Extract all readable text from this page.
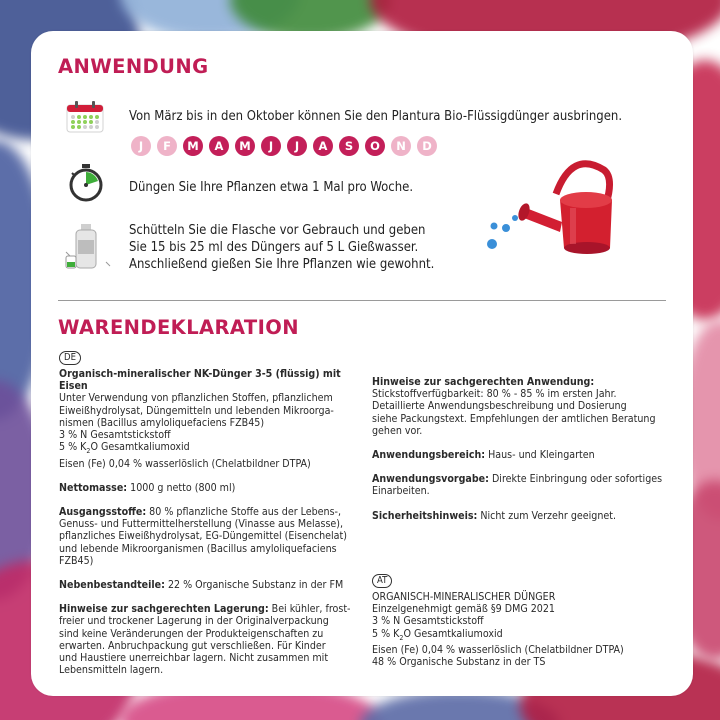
ANWENDUNG
Von März bis in den Oktober können Sie den Plantura Bio-Flüssigdünger ausbringen.
J	F	M	A	M	J	J	A	S	O	N	D
Düngen Sie Ihre Pflanzen etwa 1 Mal pro Woche.
Schütteln Sie die Flasche vor Gebrauch und geben
Sie 15 bis 25 ml des Düngers auf 5 L Gießwasser.
Anschließend gießen Sie Ihre Pflanzen wie gewohnt.
WARENDEKLARATION
DE

Organisch-mineralischer NK-Dünger 3-5 (flüssig) mit Eisen

Unter Verwendung von pflanzlichen Stoffen, pflanzlichem

Eiweißhydrolysat, Düngemitteln und lebenden Mikroorga-

nismen (Bacillus amyloliquefaciens FZB45)

3 % N Gesamtstickstoff

5 % $K_2O$ Gesamtkaliumoxid

Eisen (Fe) 0,04 % wasserlöslich (Chelatbildner DTPA)

Nettomasse: 1000 g netto (800 ml)

Ausgangsstoffe: 80 % pflanzliche Stoffe aus der Lebens-,

Genuss- und Futtermittelherstellung (Vinasse aus Melasse),

pflanzliches Eiweißhydrolysat, EG-Düngemittel (Eisenchelat)

und lebende Mikroorganismen (Bacillus amyloliquefaciens

FZB45)

Nebenbestandteile: 22 % Organische Substanz in der FM

Hinweise zur sachgerechten Lagerung: Bei kühler, frost-

freier und trockener Lagerung in der Originalverpackung

sind keine Veränderungen der Produkteigenschaften zu

erwarten. Anbruchpackung gut verschließen. Für Kinder

und Haustiere unerreichbar lagern. Nicht zusammen mit

Lebensmitteln lagern.

Hinweise zur sachgerechten Anwendung:

Stickstoffverfügbarkeit: 80 % - 85 % im ersten Jahr.

Detaillierte Anwendungsbeschreibung und Dosierung

siehe Packungstext. Empfehlungen der amtlichen Beratung

gehen vor.

Anwendungsbereich: Haus- und Kleingarten

Anwendungsvorgabe: Direkte Einbringung oder sofortiges

Einarbeiten.

Sicherheitshinweis: Nicht zum Verzehr geeignet.

AT

ORGANISCH-MINERALISCHER DÜNGER

Einzelgenehmigt gemäß §9 DMG 2021

3 % N Gesamtstickstoff

5 % $K_2O$ Gesamtkaliumoxid

Eisen (Fe) 0,04 % wasserlöslich (Chelatbildner DTPA)

48 % Organische Substanz in der TS
